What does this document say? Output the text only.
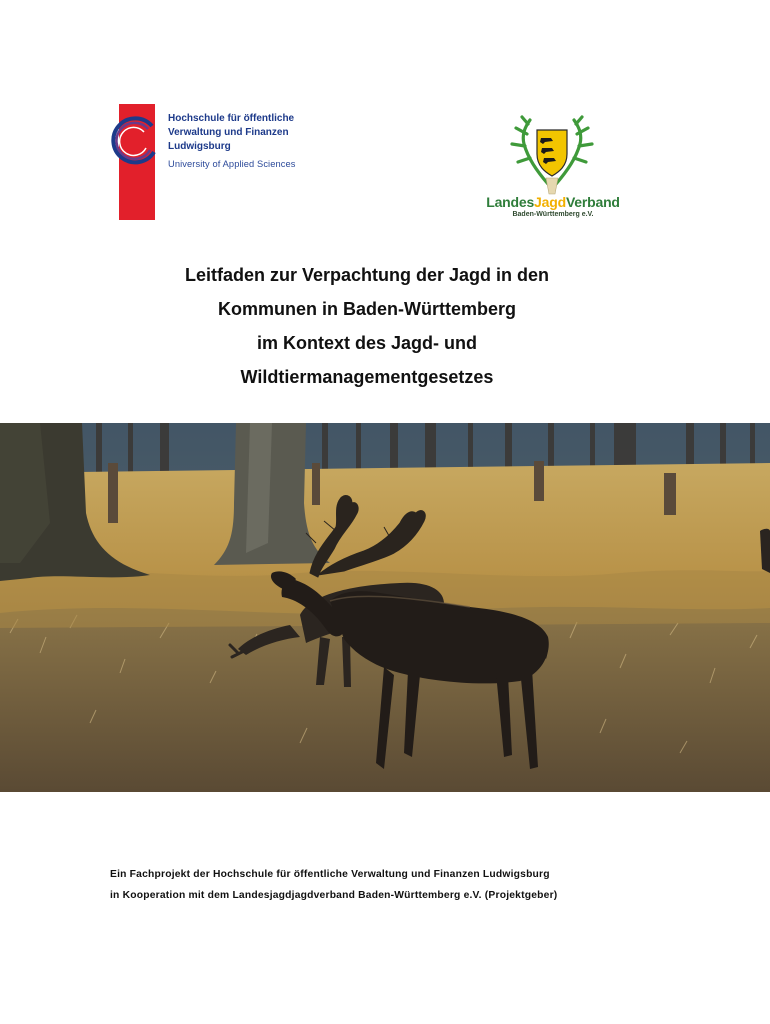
Hochschule für öffentliche
Verwaltung und Finanzen
Ludwigsburg
University of Applied Sciences
LandesJagdVerband
Baden-Württemberg e.V.
Leitfaden zur Verpachtung der Jagd in den
Kommunen in Baden-Württemberg
im Kontext des Jagd- und
Wildtiermanagementgesetzes
Ein Fachprojekt der Hochschule für öffentliche Verwaltung und Finanzen Ludwigsburg
in Kooperation mit dem Landesjagdjagdverband Baden-Württemberg e.V. (Projektgeber)
